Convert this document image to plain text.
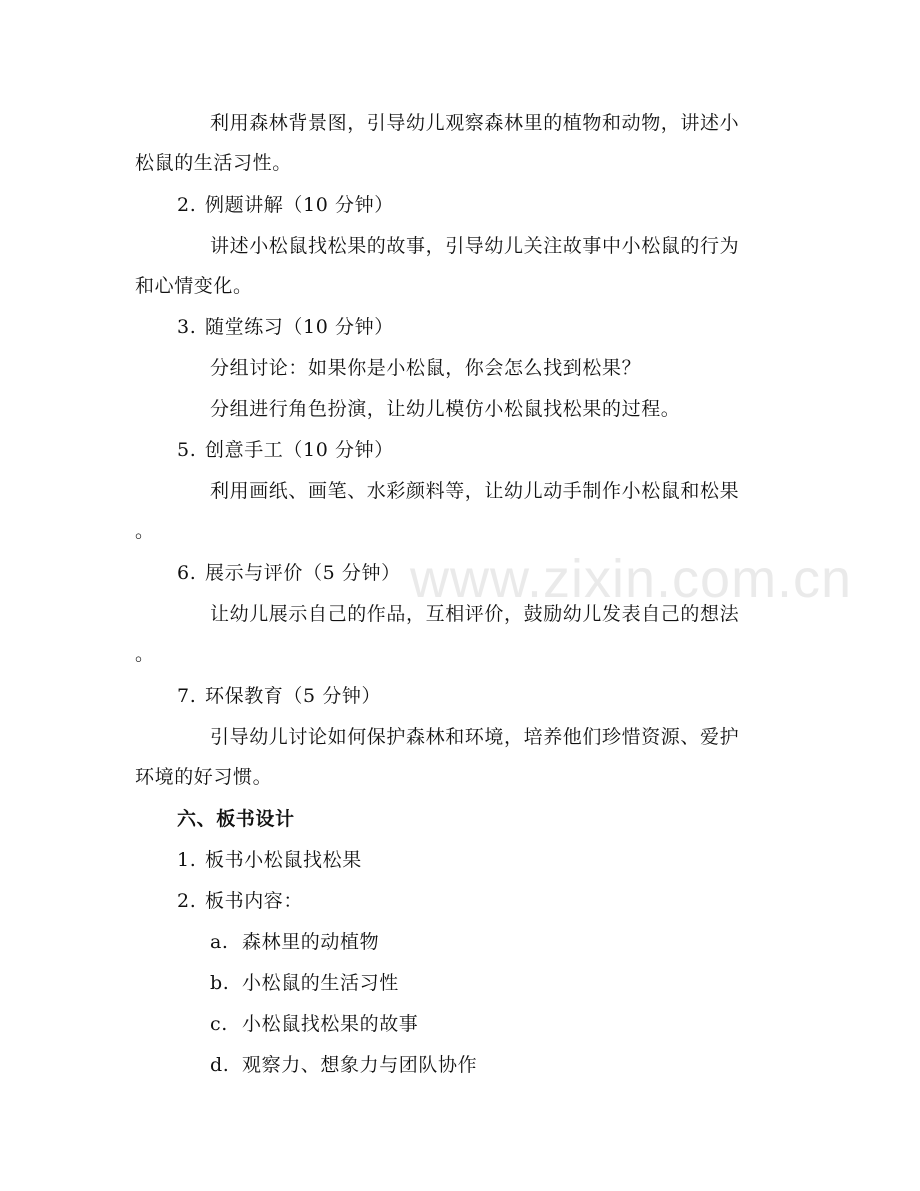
www.zixin.com.cn
利用森林背景图，引导幼儿观察森林里的植物和动物，讲述小
松鼠的生活习性。
2. 例题讲解（10 分钟）
讲述小松鼠找松果的故事，引导幼儿关注故事中小松鼠的行为
和心情变化。
3. 随堂练习（10 分钟）
分组讨论：如果你是小松鼠，你会怎么找到松果？
分组进行角色扮演，让幼儿模仿小松鼠找松果的过程。
5. 创意手工（10 分钟）
利用画纸、画笔、水彩颜料等，让幼儿动手制作小松鼠和松果
。
6. 展示与评价（5 分钟）
让幼儿展示自己的作品，互相评价，鼓励幼儿发表自己的想法
。
7. 环保教育（5 分钟）
引导幼儿讨论如何保护森林和环境，培养他们珍惜资源、爱护
环境的好习惯。
六、板书设计
1. 板书小松鼠找松果
2. 板书内容：
a. 森林里的动植物
b. 小松鼠的生活习性
c. 小松鼠找松果的故事
d. 观察力、想象力与团队协作
